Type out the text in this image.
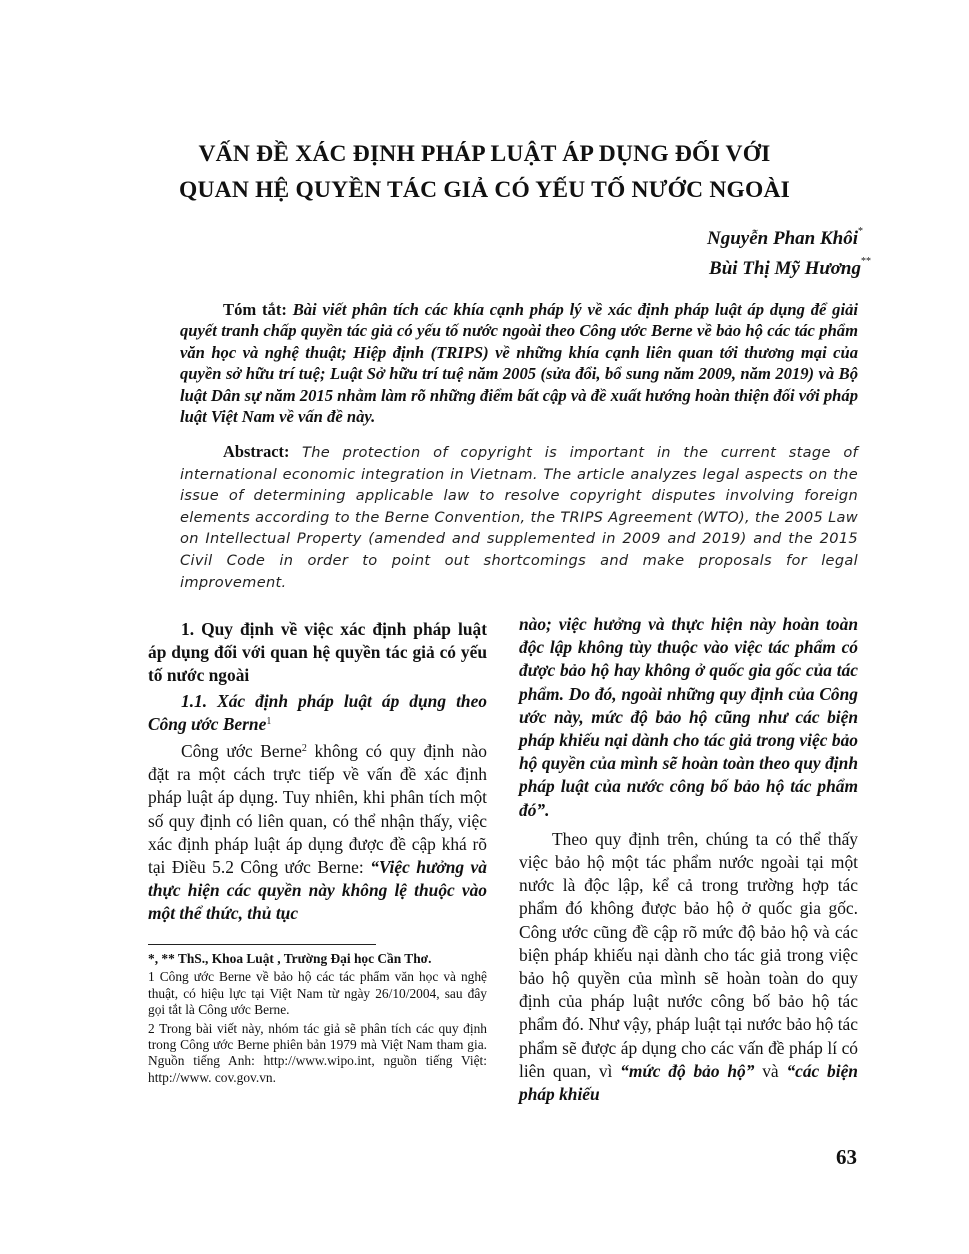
VẤN ĐỀ XÁC ĐỊNH PHÁP LUẬT ÁP DỤNG ĐỐI VỚI
QUAN HỆ QUYỀN TÁC GIẢ CÓ YẾU TỐ NƯỚC NGOÀI
Nguyễn Phan Khôi*
Bùi Thị Mỹ Hương**

Tóm tắt: Bài viết phân tích các khía cạnh pháp lý về xác định pháp luật áp dụng để giải quyết tranh chấp quyền tác giả có yếu tố nước ngoài theo Công ước Berne về bảo hộ các tác phẩm văn học và nghệ thuật; Hiệp định (TRIPS) về những khía cạnh liên quan tới thương mại của quyền sở hữu trí tuệ; Luật Sở hữu trí tuệ năm 2005 (sửa đổi, bổ sung năm 2009, năm 2019) và Bộ luật Dân sự năm 2015 nhằm làm rõ những điểm bất cập và đề xuất hướng hoàn thiện đối với pháp luật Việt Nam về vấn đề này.

Abstract: The protection of copyright is important in the current stage of international economic integration in Vietnam. The article analyzes legal aspects on the issue of determining applicable law to resolve copyright disputes involving foreign elements according to the Berne Convention, the TRIPS Agreement (WTO), the 2005 Law on Intellectual Property (amended and supplemented in 2009 and 2019) and the 2015 Civil Code in order to point out shortcomings and make proposals for legal improvement.

1. Quy định về việc xác định pháp luật áp dụng đối với quan hệ quyền tác giả có yếu tố nước ngoài

1.1. Xác định pháp luật áp dụng theo Công ước Berne$^1$

Công ước Berne$^2$ không có quy định nào đặt ra một cách trực tiếp về vấn đề xác định pháp luật áp dụng. Tuy nhiên, khi phân tích một số quy định có liên quan, có thể nhận thấy, việc xác định pháp luật áp dụng được đề cập khá rõ tại Điều 5.2 Công ước Berne: “Việc hưởng và thực hiện các quyền này không lệ thuộc vào một thể thức, thủ tục

*, ** ThS., Khoa Luật , Trường Đại học Cần Thơ.

1 Công ước Berne về bảo hộ các tác phẩm văn học và nghệ thuật, có hiệu lực tại Việt Nam từ ngày 26/10/2004, sau đây gọi tắt là Công ước Berne.

2 Trong bài viết này, nhóm tác giả sẽ phân tích các quy định trong Công ước Berne phiên bản 1979 mà Việt Nam tham gia. Nguồn tiếng Anh: http://www.wipo.int, nguồn tiếng Việt: http://www. cov.gov.vn.

nào; việc hưởng và thực hiện này hoàn toàn độc lập không tùy thuộc vào việc tác phẩm có được bảo hộ hay không ở quốc gia gốc của tác phẩm. Do đó, ngoài những quy định của Công ước này, mức độ bảo hộ cũng như các biện pháp khiếu nại dành cho tác giả trong việc bảo hộ quyền của mình sẽ hoàn toàn theo quy định pháp luật của nước công bố bảo hộ tác phẩm đó”.

Theo quy định trên, chúng ta có thể thấy việc bảo hộ một tác phẩm nước ngoài tại một nước là độc lập, kể cả trong trường hợp tác phẩm đó không được bảo hộ ở quốc gia gốc. Công ước cũng đề cập rõ mức độ bảo hộ và các biện pháp khiếu nại dành cho tác giả trong việc bảo hộ quyền của mình sẽ hoàn toàn do quy định của pháp luật nước công bố bảo hộ tác phẩm đó. Như vậy, pháp luật tại nước bảo hộ tác phẩm sẽ được áp dụng cho các vấn đề pháp lí có liên quan, vì “mức độ bảo hộ” và “các biện pháp khiếu

63
